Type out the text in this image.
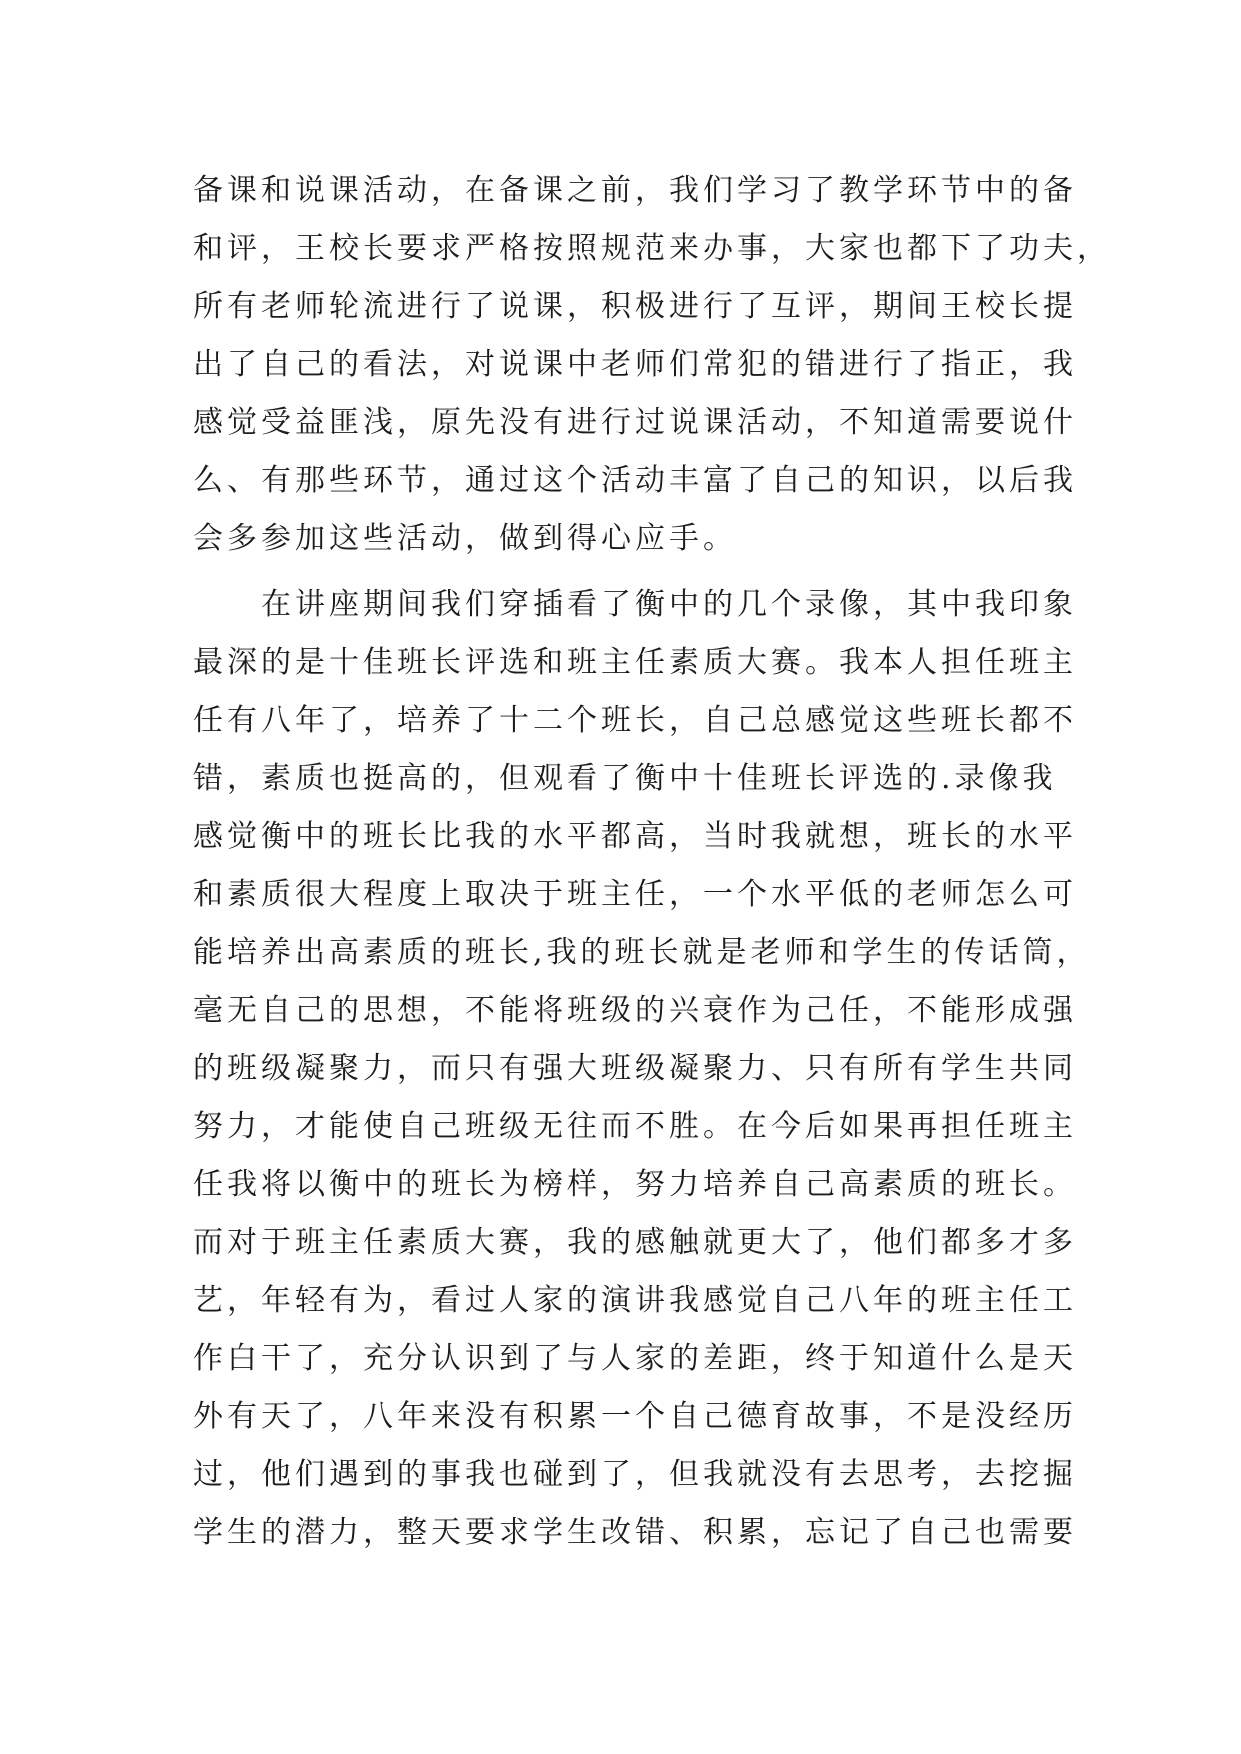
备课和说课活动，在备课之前，我们学习了教学环节中的备
和评，王校长要求严格按照规范来办事，大家也都下了功夫，
所有老师轮流进行了说课，积极进行了互评，期间王校长提
出了自己的看法，对说课中老师们常犯的错进行了指正，我
感觉受益匪浅，原先没有进行过说课活动，不知道需要说什
么、有那些环节，通过这个活动丰富了自己的知识，以后我
会多参加这些活动，做到得心应手。
　　在讲座期间我们穿插看了衡中的几个录像，其中我印象
最深的是十佳班长评选和班主任素质大赛。我本人担任班主
任有八年了，培养了十二个班长，自己总感觉这些班长都不
错，素质也挺高的，但观看了衡中十佳班长评选的.录像我
感觉衡中的班长比我的水平都高，当时我就想，班长的水平
和素质很大程度上取决于班主任，一个水平低的老师怎么可
能培养出高素质的班长,我的班长就是老师和学生的传话筒，
毫无自己的思想，不能将班级的兴衰作为己任，不能形成强
的班级凝聚力，而只有强大班级凝聚力、只有所有学生共同
努力，才能使自己班级无往而不胜。在今后如果再担任班主
任我将以衡中的班长为榜样，努力培养自己高素质的班长。
而对于班主任素质大赛，我的感触就更大了，他们都多才多
艺，年轻有为，看过人家的演讲我感觉自己八年的班主任工
作白干了，充分认识到了与人家的差距，终于知道什么是天
外有天了，八年来没有积累一个自己德育故事，不是没经历
过，他们遇到的事我也碰到了，但我就没有去思考，去挖掘
学生的潜力，整天要求学生改错、积累，忘记了自己也需要
